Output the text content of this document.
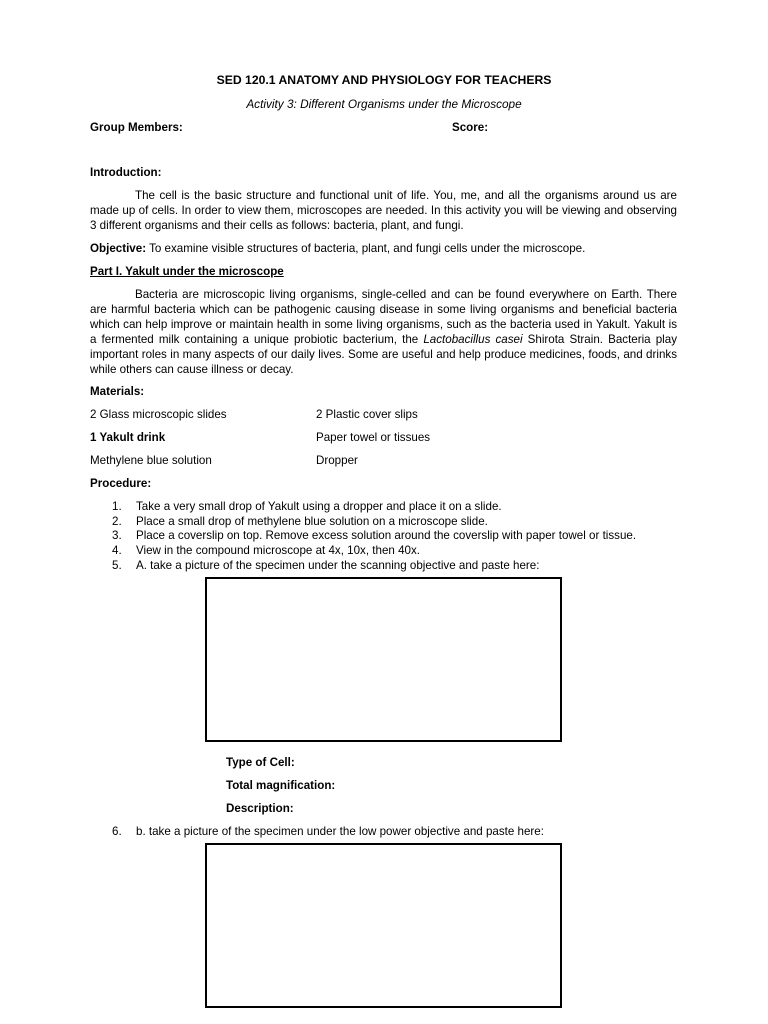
SED 120.1 ANATOMY AND PHYSIOLOGY FOR TEACHERS
Activity 3: Different Organisms under the Microscope
Group Members:	Score:
Introduction:
The cell is the basic structure and functional unit of life. You, me, and all the organisms around us are made up of cells. In order to view them, microscopes are needed. In this activity you will be viewing and observing 3 different organisms and their cells as follows: bacteria, plant, and fungi.
Objective: To examine visible structures of bacteria, plant, and fungi cells under the microscope.
Part I. Yakult under the microscope
Bacteria are microscopic living organisms, single-celled and can be found everywhere on Earth. There are harmful bacteria which can be pathogenic causing disease in some living organisms and beneficial bacteria which can help improve or maintain health in some living organisms, such as the bacteria used in Yakult. Yakult is a fermented milk containing a unique probiotic bacterium, the Lactobacillus casei Shirota Strain. Bacteria play important roles in many aspects of our daily lives. Some are useful and help produce medicines, foods, and drinks while others can cause illness or decay.
Materials:
2 Glass microscopic slides	2 Plastic cover slips
1 Yakult drink	Paper towel or tissues
Methylene blue solution	Dropper
Procedure:
1. Take a very small drop of Yakult using a dropper and place it on a slide.
2. Place a small drop of methylene blue solution on a microscope slide.
3. Place a coverslip on top. Remove excess solution around the coverslip with paper towel or tissue.
4. View in the compound microscope at 4x, 10x, then 40x.
5. A. take a picture of the specimen under the scanning objective and paste here:
Type of Cell:
Total magnification:
Description:
6. b. take a picture of the specimen under the low power objective and paste here:
